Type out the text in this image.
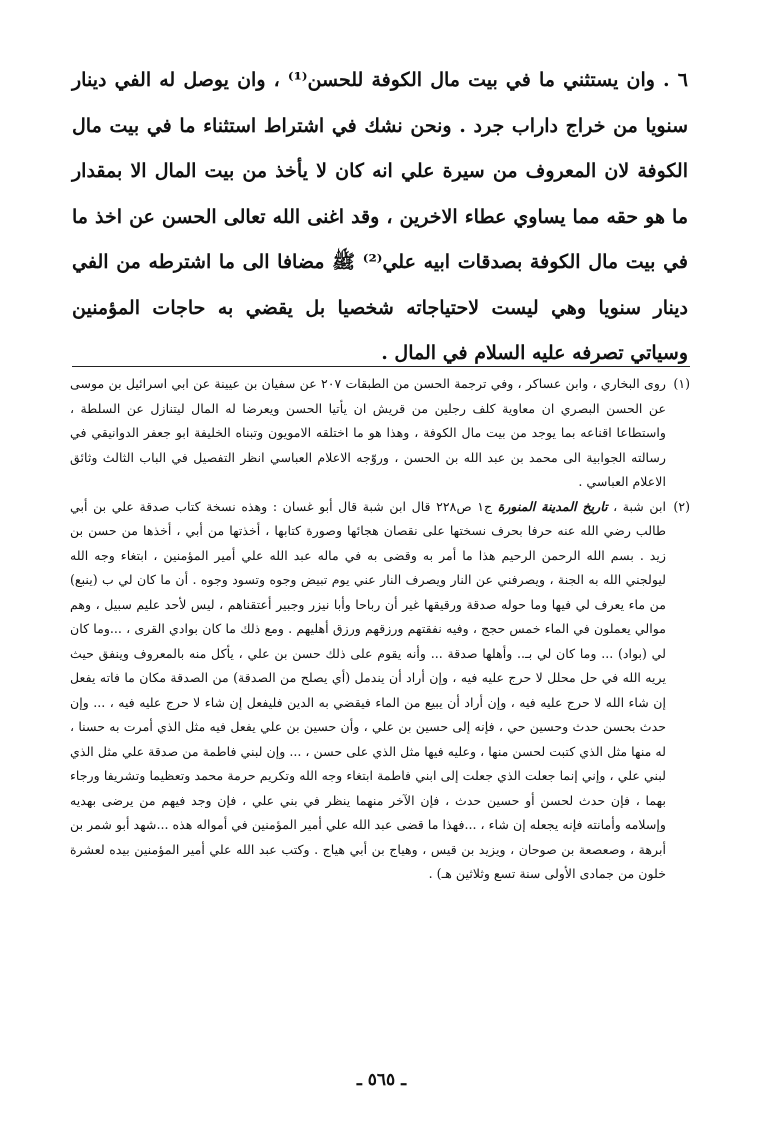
٦ . وان يستثني ما في بيت مال الكوفة للحسن⁽¹⁾ ، وان يوصل له الفي دينار سنويا من خراج داراب جرد . ونحن نشك في اشتراط استثناء ما في بيت مال الكوفة لان المعروف من سيرة علي انه كان لا يأخذ من بيت المال الا بمقدار ما هو حقه مما يساوي عطاء الاخرين ، وقد اغنى الله تعالى الحسن عن اخذ ما في بيت مال الكوفة بصدقات ابيه علي⁽²⁾ ﷺ مضافا الى ما اشترطه من الفي دينار سنويا وهي ليست لاحتياجاته شخصيا بل يقضي به حاجات المؤمنين وسياتي تصرفه عليه السلام في المال .

(١)
روى البخاري ، وابن عساكر ، وفي ترجمة الحسن من الطبقات ٢٠٧ عن سفيان بن عيينة عن ابي اسرائيل بن موسى عن الحسن البصري ان معاوية كلف رجلين من قريش ان يأتيا الحسن ويعرضا له المال ليتنازل عن السلطة ، واستطاعا اقناعه بما يوجد من بيت مال الكوفة ، وهذا هو ما اختلقه الامويون وتبناه الخليفة ابو جعفر الدوانيقي في رسالته الجوابية الى محمد بن عبد الله بن الحسن ، وروّجه الاعلام العباسي انظر التفصيل في الباب الثالث وثائق الاعلام العباسي .

(٢)
ابن شبة ، تاريخ المدينة المنورة ج١ ص٢٢٨ قال ابن شبة قال أبو غسان : وهذه نسخة كتاب صدقة علي بن أبي طالب رضي الله عنه حرفا بحرف نسختها على نقصان هجائها وصورة كتابها ، أخذتها من أبي ، أخذها من حسن بن زيد . بسم الله الرحمن الرحيم هذا ما أمر به وقضى به في ماله عبد الله علي أمير المؤمنين ، ابتغاء وجه الله ليولجني الله به الجنة ، ويصرفني عن النار ويصرف النار عني يوم تبيض وجوه وتسود وجوه . أن ما كان لي ب (ينبع) من ماء يعرف لي فيها وما حوله صدقة ورقيقها غير أن رباحا وأبا نيزر وجبير أعتقناهم ، ليس لأحد عليم سبيل ، وهم موالي يعملون في الماء خمس حجج ، وفيه نفقتهم ورزقهم ورزق أهليهم . ومع ذلك ما كان بوادي القرى ، ...وما كان لي (بواد) ... وما كان لي بـ.. وأهلها صدقة ... وأنه يقوم على ذلك حسن بن علي ، يأكل منه بالمعروف وينفق حيث يريه الله في حل محلل لا حرج عليه فيه ، وإن أراد أن يندمل (أي يصلح من الصدقة) من الصدقة مكان ما فاته يفعل إن شاء الله لا حرج عليه فيه ، وإن أراد أن يبيع من الماء فيقضي به الدين فليفعل إن شاء لا حرج عليه فيه ، ... وإن حدث بحسن حدث وحسين حي ، فإنه إلى حسين بن علي ، وأن حسين بن علي يفعل فيه مثل الذي أمرت به حسنا ، له منها مثل الذي كتبت لحسن منها ، وعليه فيها مثل الذي على حسن ، ... وإن لبني فاطمة من صدقة علي مثل الذي لبني علي ، وإني إنما جعلت الذي جعلت إلى ابني فاطمة ابتغاء وجه الله وتكريم حرمة محمد وتعظيما وتشريفا ورجاء بهما ، فإن حدث لحسن أو حسين حدث ، فإن الآخر منهما ينظر في بني علي ، فإن وجد فيهم من يرضى بهديه وإسلامه وأمانته فإنه يجعله إن شاء ، ...فهذا ما قضى عبد الله علي أمير المؤمنين في أمواله هذه ...شهد أبو شمر بن أبرهة ، وصعصعة بن صوحان ، ويزيد بن قيس ، وهياج بن أبي هياج . وكتب عبد الله علي أمير المؤمنين بيده لعشرة خلون من جمادى الأولى سنة تسع وثلاثين هـ) .

ـ ٥٦٥ ـ
